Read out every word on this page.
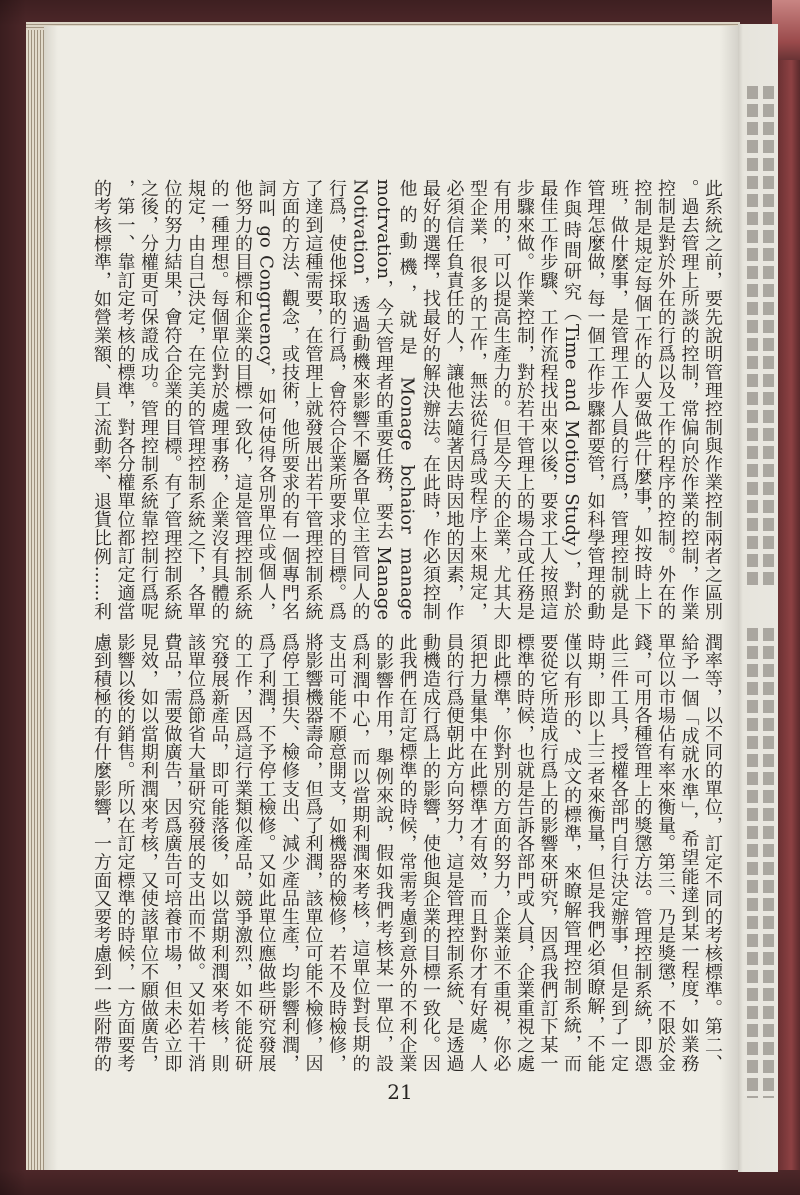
此系統之前，要先說明管理控制與作業控制兩者之區別
。過去管理上所談的控制，常偏向於作業的控制，作業
控制是對於外在的行爲以及工作的程序的控制。外在的
控制是規定每個工作的人要做些什麼事，如按時上下
班，做什麼事，是管理工作人員的行爲，管理控制就是
管理怎麼做，每一個工作步驟都要管，如科學管理的動
作與時間研究（Time and Motion Study），對於
最佳工作步驟、工作流程找出來以後，要求工人按照這
步驟來做。作業控制，對於若干管理上的場合或任務是
有用的，可以提高生產力的。但是今天的企業，尤其大
型企業，很多的工作，無法從行爲或程序上來規定，
必須信任負責任的人，讓他去隨著因時因地的因素，作
最好的選擇，找最好的解決辦法。在此時，作必須控制
他的動機，就是 Monage bchaior manage
motrvation，今天管理者的重要任務，要去 Manage
Notivation，透過動機來影響不屬各單位主管同人的
行爲，使他採取的行爲，會符合企業所要求的目標。爲
了達到這種需要，在管理上就發展出若干管理控制系統
方面的方法、觀念，或技術，他所要求的有一個專門名
詞叫 go Congruency，如何使得各別單位或個人，
他努力的目標和企業的目標一致化，這是管理控制系統
的一種理想。每個單位對於處理事務，企業沒有具體的
規定，由自己決定，在完美的管理控制系統之下，各單
位的努力結果，會符合企業的目標。有了管理控制系統
之後，分權更可保證成功。管理控制系統靠控制行爲呢
，第一、靠訂定考核的標準，對各分權單位都訂定適當
的考核標準，如營業額、員工流動率、退貨比例……利
潤率等，以不同的單位，訂定不同的考核標準。第二、
給予一個「成就水準」，希望能達到某一程度，如業務
單位以市場佔有率來衡量。第三、乃是獎懲，不限於金
錢，可用各種管理上的獎懲方法。管理控制系統，即憑
此三件工具，授權各部門自行決定辦事，但是到了一定
時期，即以上三者來衡量，但是我們必須瞭解，不能
僅以有形的、成文的標準，來瞭解管理控制系統，而
要從它所造成行爲上的影響來研究，因爲我們訂下某一
標準的時候，也就是告訴各部門或人員，企業重視之處
即此標準，你對別的方面的努力，企業並不重視，你必
須把力量集中在此標準才有效，而且對你才有好處，人
員的行爲便朝此方向努力，這是管理控制系統、是透過
動機造成行爲上的影響，使他與企業的目標一致化。因
此我們在訂定標準的時候，常需考慮到意外的不利企業
的影響作用，舉例來說，假如我們考核某一單位，設
爲利潤中心，而以當期利潤來考核，這單位對長期的
支出可能不願意開支，如機器的檢修，若不及時檢修，
將影響機器壽命，但爲了利潤，該單位可能不檢修，因
爲停工損失、檢修支出、減少產品生產，均影響利潤，
爲了利潤，不予停工檢修。又如此單位應做些研究發展
的工作，因爲這行業類似產品，競爭激烈，如不能從研
究發展新產品，即可能落後，如以當期利潤來考核，則
該單位爲節省大量研究發展的支出而不做。又如若干消
費品，需要做廣告，因爲廣告可培養市場，但未必立即
見效，如以當期利潤來考核，又使該單位不願做廣告，
影響以後的銷售。所以在訂定標準的時候，一方面要考
慮到積極的有什麼影響，一方面又要考慮到一些附帶的
21
